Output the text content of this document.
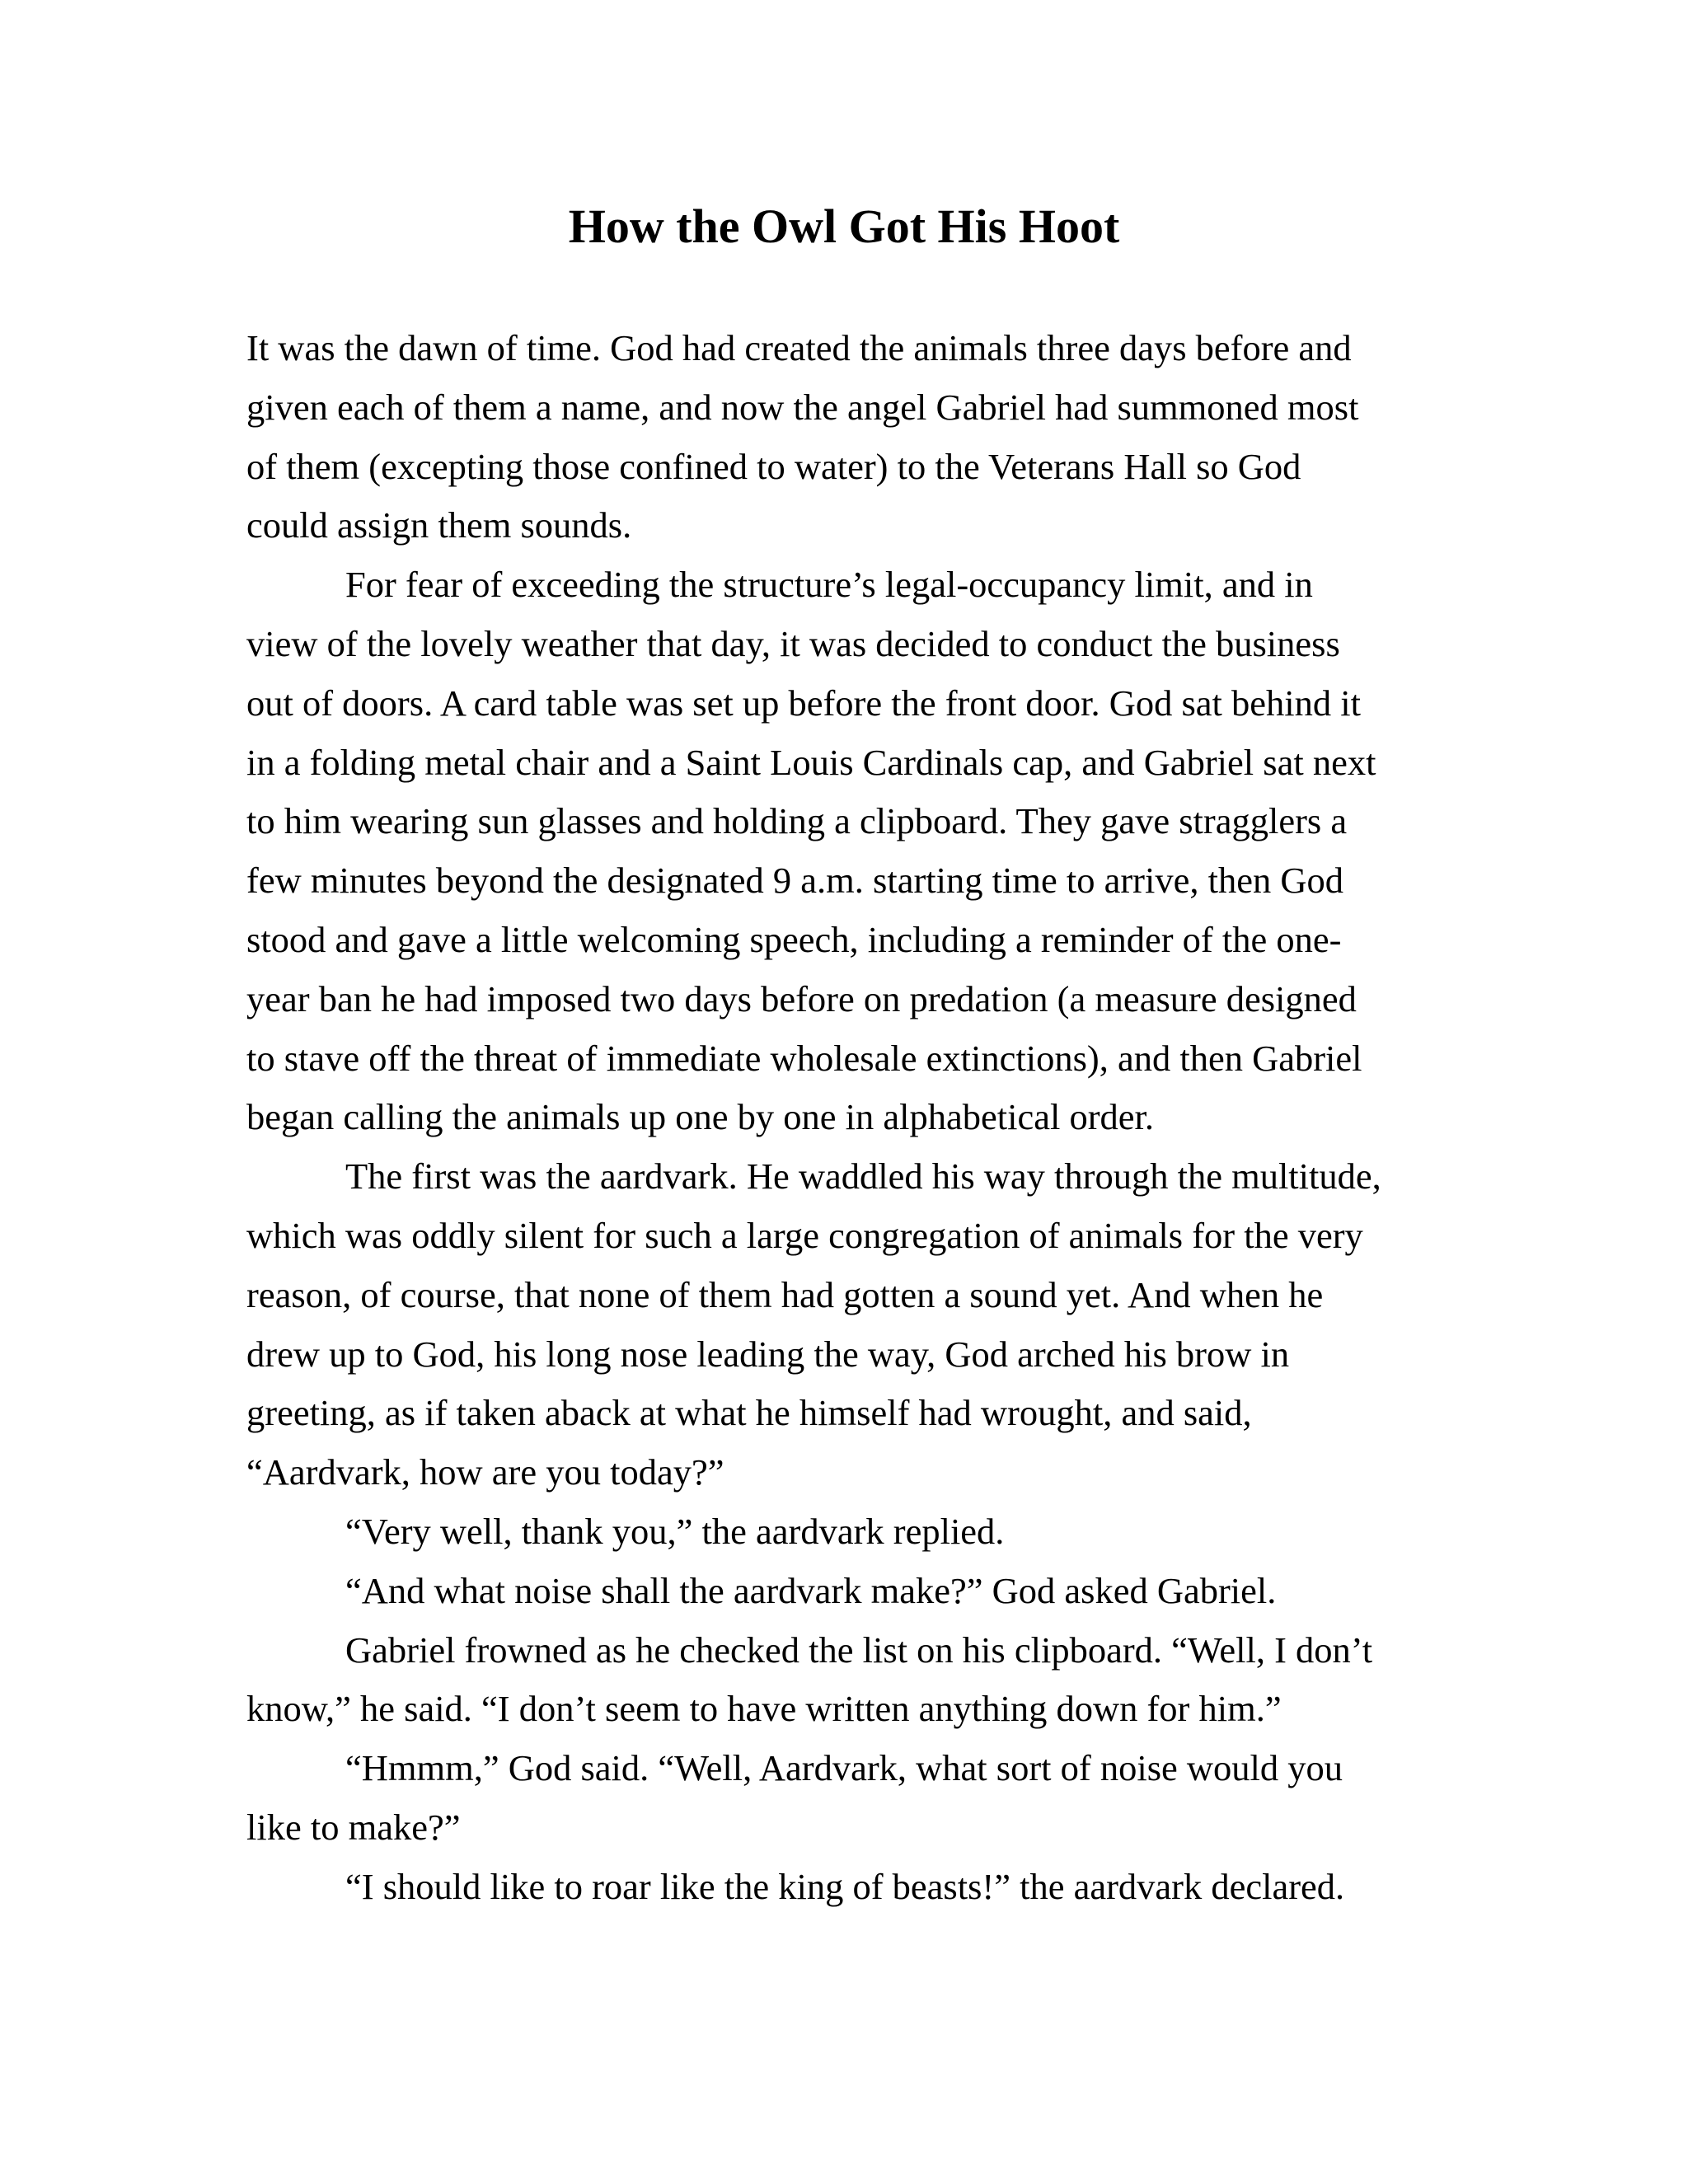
How the Owl Got His Hoot

It was the dawn of time. God had created the animals three days before and
given each of them a name, and now the angel Gabriel had summoned most
of them (excepting those confined to water) to the Veterans Hall so God
could assign them sounds.

For fear of exceeding the structure’s legal-occupancy limit, and in
view of the lovely weather that day, it was decided to conduct the business
out of doors. A card table was set up before the front door. God sat behind it
in a folding metal chair and a Saint Louis Cardinals cap, and Gabriel sat next
to him wearing sun glasses and holding a clipboard. They gave stragglers a
few minutes beyond the designated 9 a.m. starting time to arrive, then God
stood and gave a little welcoming speech, including a reminder of the one-
year ban he had imposed two days before on predation (a measure designed
to stave off the threat of immediate wholesale extinctions), and then Gabriel
began calling the animals up one by one in alphabetical order.

The first was the aardvark. He waddled his way through the multitude,
which was oddly silent for such a large congregation of animals for the very
reason, of course, that none of them had gotten a sound yet. And when he
drew up to God, his long nose leading the way, God arched his brow in
greeting, as if taken aback at what he himself had wrought, and said,
“Aardvark, how are you today?”

“Very well, thank you,” the aardvark replied.

“And what noise shall the aardvark make?” God asked Gabriel.

Gabriel frowned as he checked the list on his clipboard. “Well, I don’t
know,” he said. “I don’t seem to have written anything down for him.”

“Hmmm,” God said. “Well, Aardvark, what sort of noise would you
like to make?”

“I should like to roar like the king of beasts!” the aardvark declared.
